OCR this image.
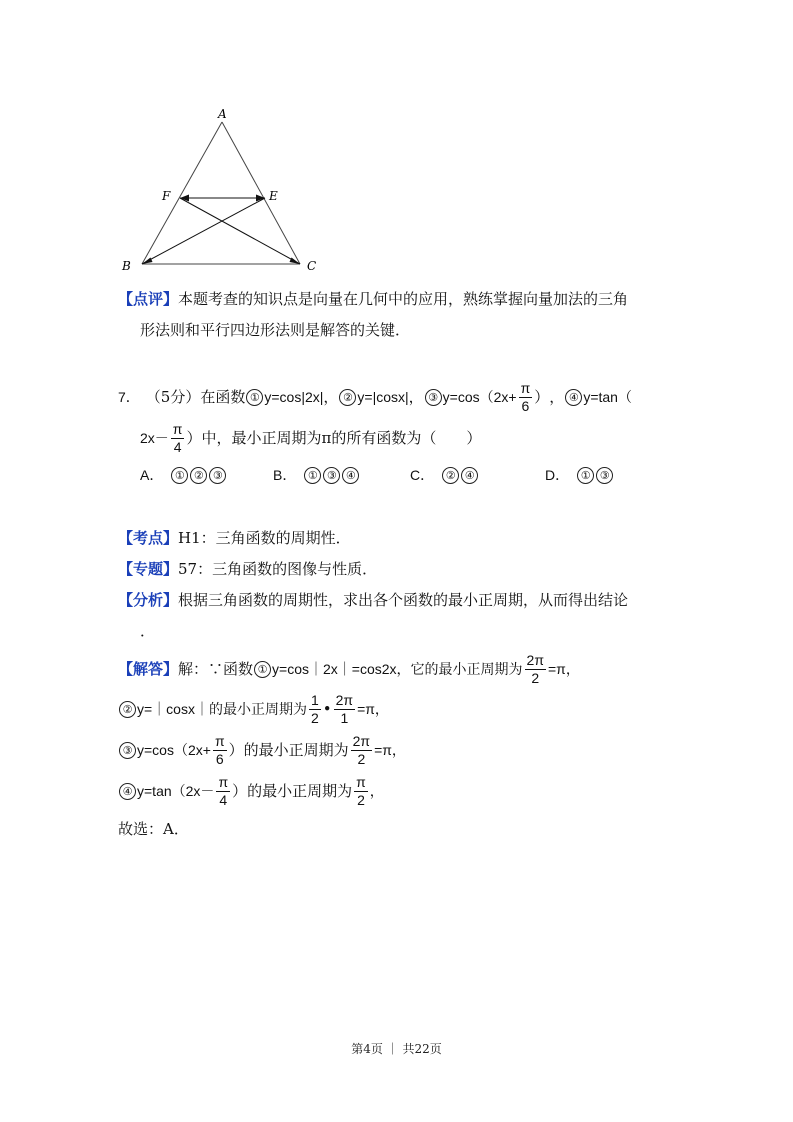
A
F	E
B	C
【点评】 本题考查的知识点是向量在几何中的应用，熟练掌握向量加法的三角
形法则和平行四边形法则是解答的关键．
7． （5分） 在函数 ① y=cos|2x| ， ② y=|cosx| ， ③ $y=\cos(2x+ \frac{\pi}{6}$ ） ， ④ y=tan（
$2x- \frac{\pi}{4}$ ）中，最小正周期为π的所有函数为（　　）
A．	① ② ③	B．	① ③ ④	C．	② ④	D．	① ③
【考点】 H1：三角函数的周期性．
【专题】 57：三角函数的图像与性质．
【分析】 根据三角函数的周期性，求出各个函数的最小正周期，从而得出结论
．
【解答】 解：∵函数 ① y=cos｜2x｜=cos2x，它的最小正周期为 $\frac{2\pi}{2} =\pi$，
② y=｜cosx｜的最小正周期为 $\frac{1}{2}$ • $\frac{2\pi}{1} =\pi$，
③ $y=\cos(2x+ \frac{\pi}{6}$ ）的最小正周期为 $\frac{2\pi}{2} =\pi$，
④ $y=\tan(2x- \frac{\pi}{4}$ ）的最小正周期为 $\frac{\pi}{2}$ ，
故选：A．
第4页 ｜ 共22页
